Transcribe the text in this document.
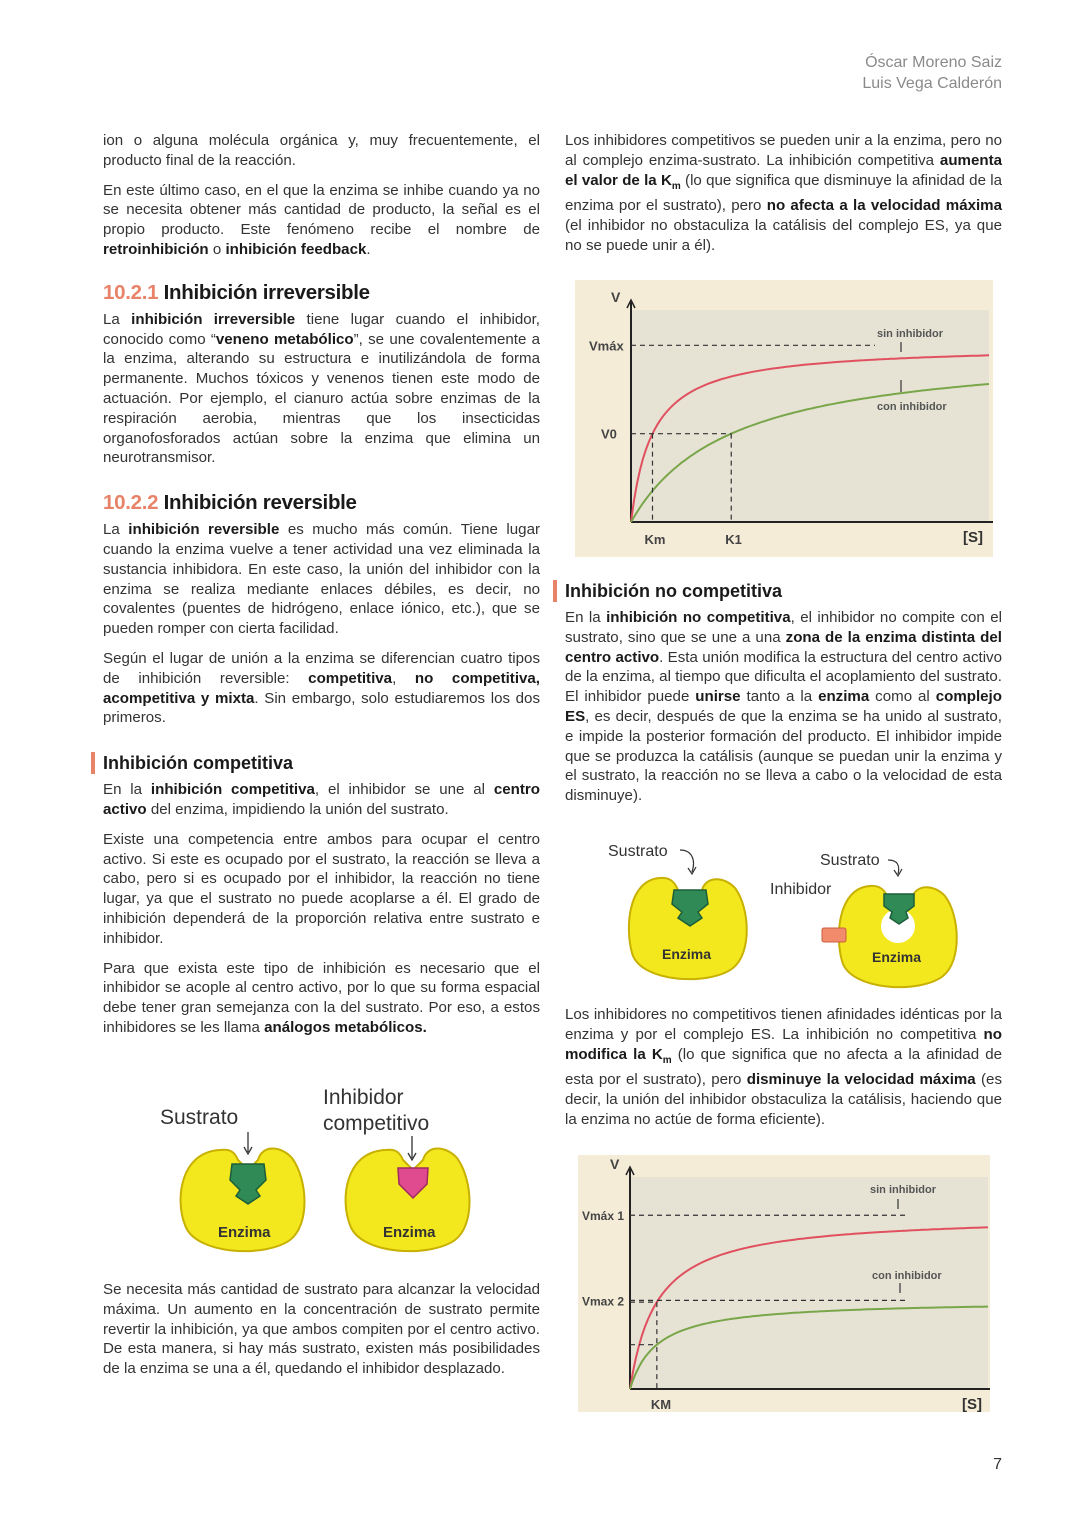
Óscar Moreno Saiz
Luis Vega Calderón

ion o alguna molécula orgánica y, muy frecuentemente, el producto final de la reacción.

En este último caso, en el que la enzima se inhibe cuando ya no se necesita obtener más cantidad de producto, la señal es el propio producto. Este fenómeno recibe el nombre de retroinhibición o inhibición feedback.

10.2.1 Inhibición irreversible

La inhibición irreversible tiene lugar cuando el inhibidor, conocido como “veneno metabólico”, se une covalentemente a la enzima, alterando su estructura e inutilizándola de forma permanente. Muchos tóxicos y venenos tienen este modo de actuación. Por ejemplo, el cianuro actúa sobre enzimas de la respiración aerobia, mientras que los insecticidas organofosforados actúan sobre la enzima que elimina un neurotransmisor.

10.2.2 Inhibición reversible

La inhibición reversible es mucho más común. Tiene lugar cuando la enzima vuelve a tener actividad una vez eliminada la sustancia inhibidora. En este caso, la unión del inhibidor con la enzima se realiza mediante enlaces débiles, es decir, no covalentes (puentes de hidrógeno, enlace iónico, etc.), que se pueden romper con cierta facilidad.

Según el lugar de unión a la enzima se diferencian cuatro tipos de inhibición reversible: competitiva, no competitiva, acompetitiva y mixta. Sin embargo, solo estudiaremos los dos primeros.

Inhibición competitiva

En la inhibición competitiva, el inhibidor se une al centro activo del enzima, impidiendo la unión del sustrato.

Existe una competencia entre ambos para ocupar el centro activo. Si este es ocupado por el sustrato, la reacción se lleva a cabo, pero si es ocupado por el inhibidor, la reacción no tiene lugar, ya que el sustrato no puede acoplarse a él. El grado de inhibición dependerá de la proporción relativa entre sustrato e inhibidor.

Para que exista este tipo de inhibición es necesario que el inhibidor se acople al centro activo, por lo que su forma espacial debe tener gran semejanza con la del sustrato. Por eso, a estos inhibidores se les llama análogos metabólicos.

Sustrato
Inhibidor
competitivo
Enzima	Enzima

Se necesita más cantidad de sustrato para alcanzar la velocidad máxima. Un aumento en la concentración de sustrato permite revertir la inhibición, ya que ambos compiten por el centro activo. De esta manera, si hay más sustrato, existen más posibilidades de la enzima se una a él, quedando el inhibidor desplazado.

Los inhibidores competitivos se pueden unir a la enzima, pero no al complejo enzima-sustrato. La inhibición competitiva aumenta el valor de la $K_m$ (lo que significa que disminuye la afinidad de la enzima por el sustrato), pero no afecta a la velocidad máxima (el inhibidor no obstaculiza la catálisis del complejo ES, ya que no se puede unir a él).

V
[S]
Vmáx
V0
Km	K1
sin inhibidor
con inhibidor
Inhibición no competitiva

En la inhibición no competitiva, el inhibidor no compite con el sustrato, sino que se une a una zona de la enzima distinta del centro activo. Esta unión modifica la estructura del centro activo de la enzima, al tiempo que dificulta el acoplamiento del sustrato. El inhibidor puede unirse tanto a la enzima como al complejo ES, es decir, después de que la enzima se ha unido al sustrato, e impide la posterior formación del producto. El inhibidor impide que se produzca la catálisis (aunque se puedan unir la enzima y el sustrato, la reacción no se lleva a cabo o la velocidad de esta disminuye).

Sustrato
Sustrato
Inhibidor
Enzima	Enzima

Los inhibidores no competitivos tienen afinidades idénticas por la enzima y por el complejo ES. La inhibición no competitiva no modifica la $K_m$ (lo que significa que no afecta a la afinidad de esta por el sustrato), pero disminuye la velocidad máxima (es decir, la unión del inhibidor obstaculiza la catálisis, haciendo que la enzima no actúe de forma eficiente).

V
[S]
Vmáx 1
Vmax 2
KM
sin inhibidor
con inhibidor
7
